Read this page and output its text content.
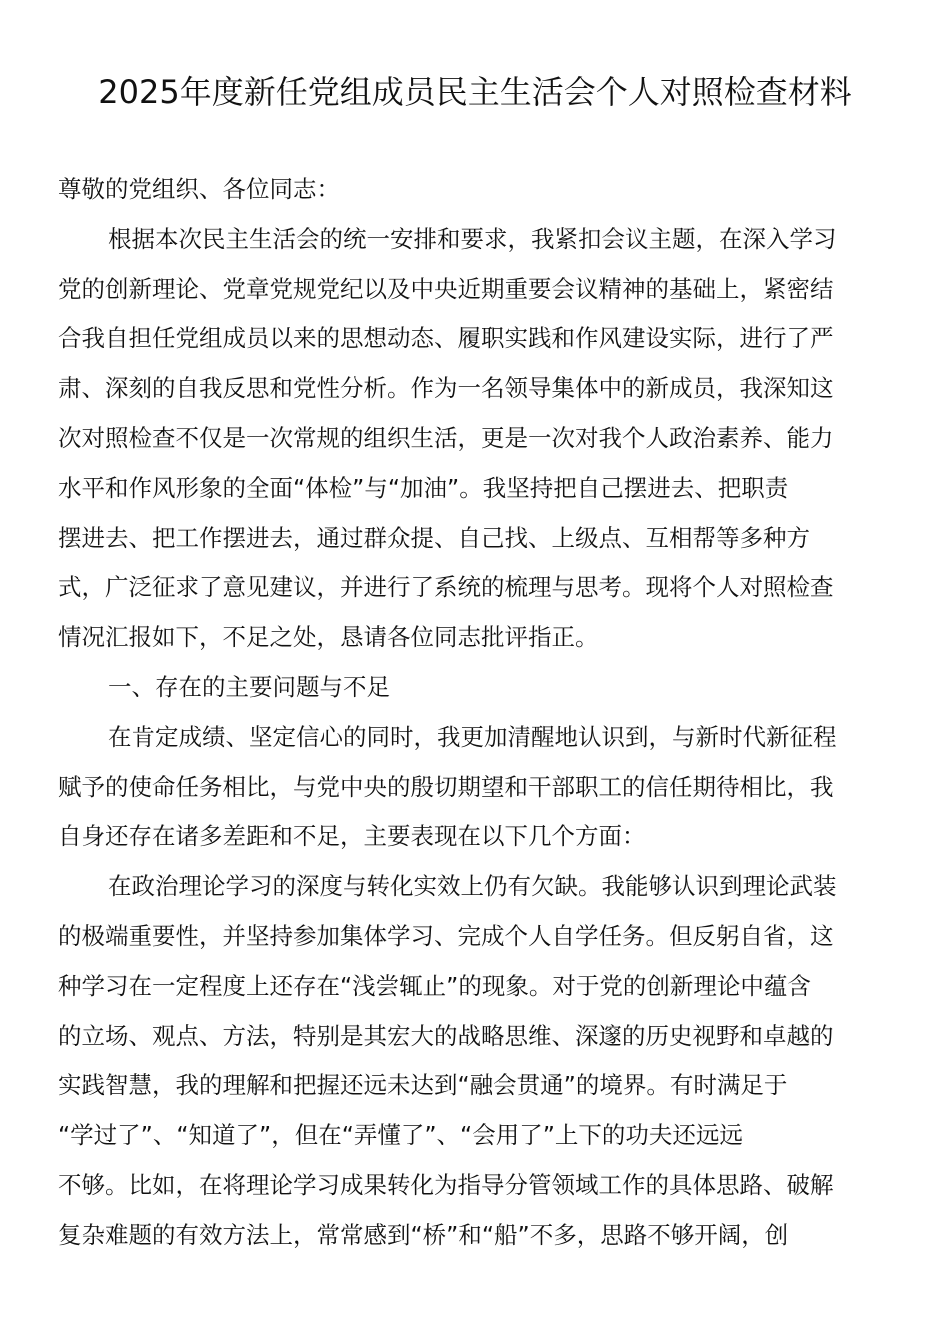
2025年度新任党组成员民主生活会个人对照检查材料
尊敬的党组织、各位同志：
根据本次民主生活会的统一安排和要求，我紧扣会议主题，在深入学习
党的创新理论、党章党规党纪以及中央近期重要会议精神的基础上，紧密结
合我自担任党组成员以来的思想动态、履职实践和作风建设实际，进行了严
肃、深刻的自我反思和党性分析。作为一名领导集体中的新成员，我深知这
次对照检查不仅是一次常规的组织生活，更是一次对我个人政治素养、能力
水平和作风形象的全面“体检”与“加油”。我坚持把自己摆进去、把职责
摆进去、把工作摆进去，通过群众提、自己找、上级点、互相帮等多种方
式，广泛征求了意见建议，并进行了系统的梳理与思考。现将个人对照检查
情况汇报如下，不足之处，恳请各位同志批评指正。
一、存在的主要问题与不足
在肯定成绩、坚定信心的同时，我更加清醒地认识到，与新时代新征程
赋予的使命任务相比，与党中央的殷切期望和干部职工的信任期待相比，我
自身还存在诸多差距和不足，主要表现在以下几个方面：
在政治理论学习的深度与转化实效上仍有欠缺。我能够认识到理论武装
的极端重要性，并坚持参加集体学习、完成个人自学任务。但反躬自省，这
种学习在一定程度上还存在“浅尝辄止”的现象。对于党的创新理论中蕴含
的立场、观点、方法，特别是其宏大的战略思维、深邃的历史视野和卓越的
实践智慧，我的理解和把握还远未达到“融会贯通”的境界。有时满足于
“学过了”、“知道了”，但在“弄懂了”、“会用了”上下的功夫还远远
不够。比如，在将理论学习成果转化为指导分管领域工作的具体思路、破解
复杂难题的有效方法上，常常感到“桥”和“船”不多，思路不够开阔，创
